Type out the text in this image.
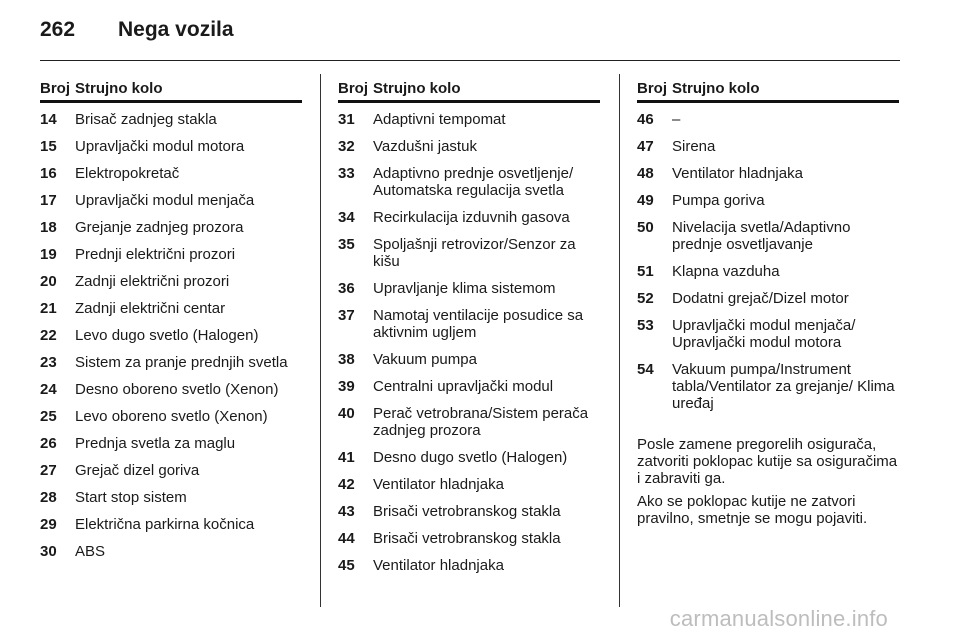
262	Nega vozila
Broj Strujno kolo
14	Brisač zadnjeg stakla
15	Upravljački modul motora
16	Elektropokretač
17	Upravljački modul menjača
18	Grejanje zadnjeg prozora
19	Prednji električni prozori
20	Zadnji električni prozori
21	Zadnji električni centar
22	Levo dugo svetlo (Halogen)
23	Sistem za pranje prednjih svetla
24	Desno oboreno svetlo (Xenon)
25	Levo oboreno svetlo (Xenon)
26	Prednja svetla za maglu
27	Grejač dizel goriva
28	Start stop sistem
29	Električna parkirna kočnica
30	ABS
Broj Strujno kolo
31	Adaptivni tempomat
32	Vazdušni jastuk
33	Adaptivno prednje osvetljenje/ Automatska regulacija svetla
34	Recirkulacija izduvnih gasova
35	Spoljašnji retrovizor/Senzor za kišu
36	Upravljanje klima sistemom
37	Namotaj ventilacije posudice sa aktivnim ugljem
38	Vakuum pumpa
39	Centralni upravljački modul
40	Perač vetrobrana/Sistem perača zadnjeg prozora
41	Desno dugo svetlo (Halogen)
42	Ventilator hladnjaka
43	Brisači vetrobranskog stakla
44	Brisači vetrobranskog stakla
45	Ventilator hladnjaka
Broj Strujno kolo
46	–
47	Sirena
48	Ventilator hladnjaka
49	Pumpa goriva
50	Nivelacija svetla/Adaptivno prednje osvetljavanje
51	Klapna vazduha
52	Dodatni grejač/Dizel motor
53	Upravljački modul menjača/ Upravljački modul motora
54	Vakuum pumpa/Instrument tabla/Ventilator za grejanje/ Klima uređaj

Posle zamene pregorelih osigurača, zatvoriti poklopac kutije sa osiguračima i zabraviti ga.

Ako se poklopac kutije ne zatvori pravilno, smetnje se mogu pojaviti.

carmanualsonline.info
